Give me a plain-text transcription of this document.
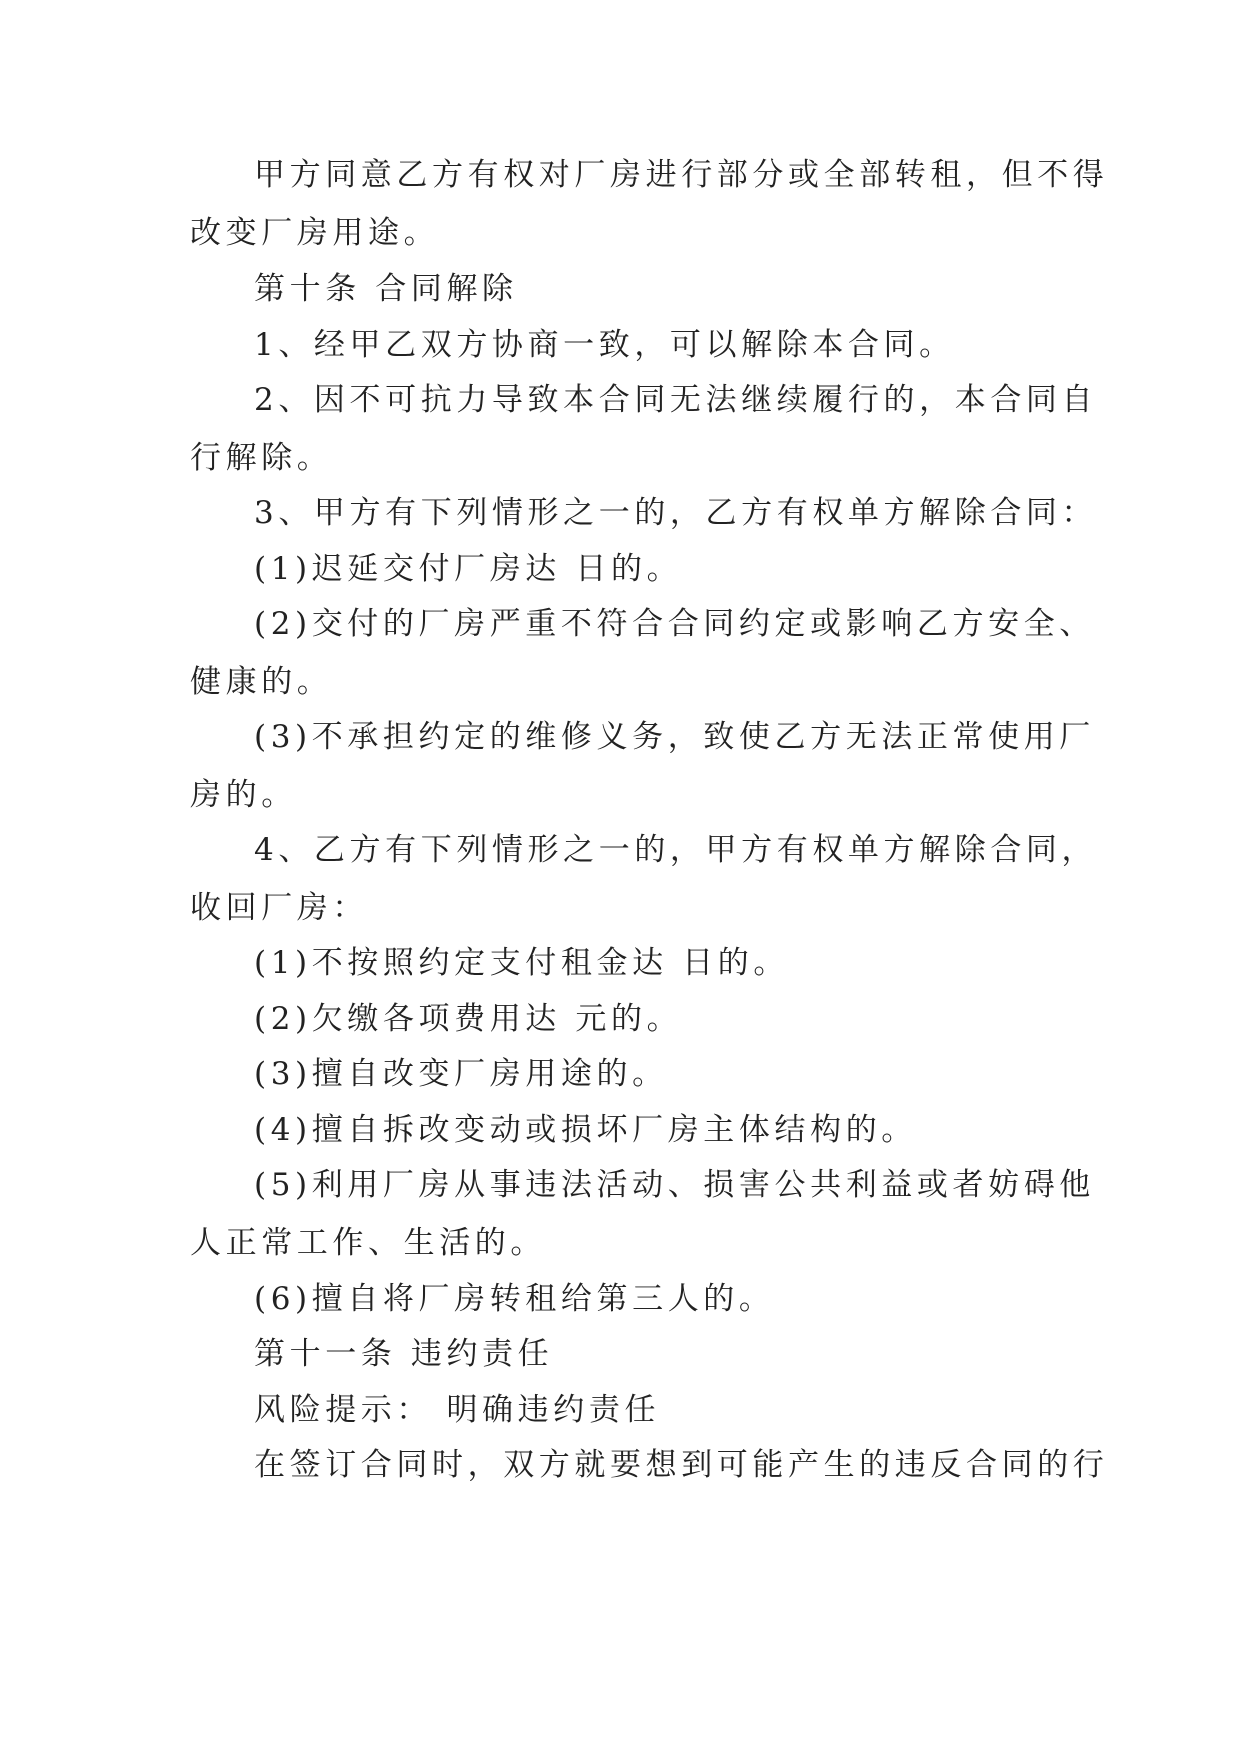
甲方同意乙方有权对厂房进行部分或全部转租，但不得
改变厂房用途。
第十条 合同解除
1、经甲乙双方协商一致，可以解除本合同。
2、因不可抗力导致本合同无法继续履行的，本合同自
行解除。
3、甲方有下列情形之一的，乙方有权单方解除合同：
(1)迟延交付厂房达 日的。
(2)交付的厂房严重不符合合同约定或影响乙方安全、
健康的。
(3)不承担约定的维修义务，致使乙方无法正常使用厂
房的。
4、乙方有下列情形之一的，甲方有权单方解除合同，
收回厂房：
(1)不按照约定支付租金达 日的。
(2)欠缴各项费用达 元的。
(3)擅自改变厂房用途的。
(4)擅自拆改变动或损坏厂房主体结构的。
(5)利用厂房从事违法活动、损害公共利益或者妨碍他
人正常工作、生活的。
(6)擅自将厂房转租给第三人的。
第十一条 违约责任
风险提示： 明确违约责任
在签订合同时，双方就要想到可能产生的违反合同的行
